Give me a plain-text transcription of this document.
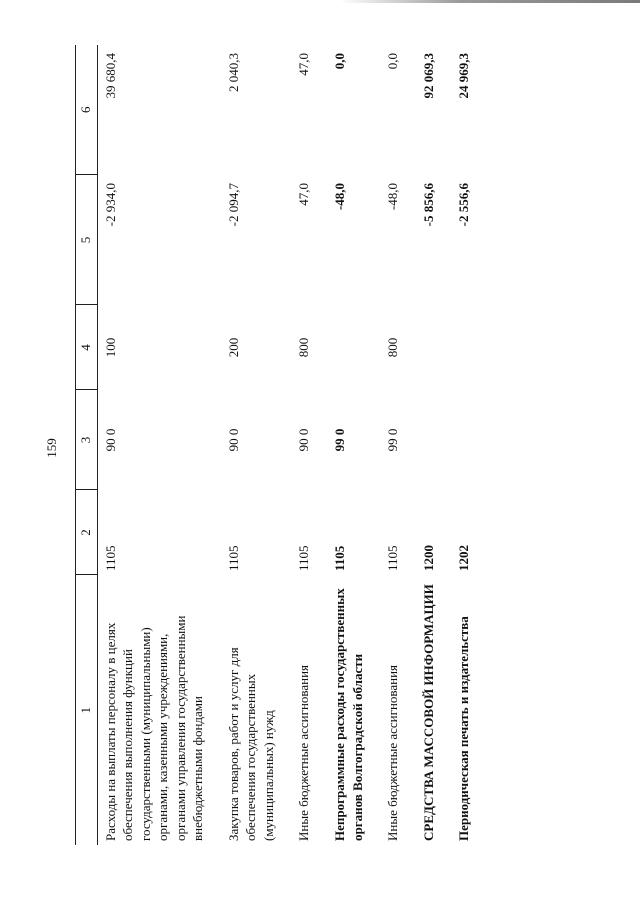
159
1	2	3	4	5	6
Расходы на выплаты персоналу в целях обеспечения выполнения функций государственными (муниципальными) органами, казенными учреждениями, органами управления государственными внебюджетными фондами	1105	90 0	100	-2 934,0	39 680,4
Закупка товаров, работ и услуг для обеспечения государственных (муниципальных) нужд	1105	90 0	200	-2 094,7	2 040,3
Иные бюджетные ассигнования	1105	90 0	800	47,0	47,0
Непрограммные расходы государственных органов Волгоградской области	1105	99 0		-48,0	0,0
Иные бюджетные ассигнования	1105	99 0	800	-48,0	0,0
СРЕДСТВА МАССОВОЙ ИНФОРМАЦИИ	1200			-5 856,6	92 069,3
Периодическая печать и издательства	1202			-2 556,6	24 969,3
